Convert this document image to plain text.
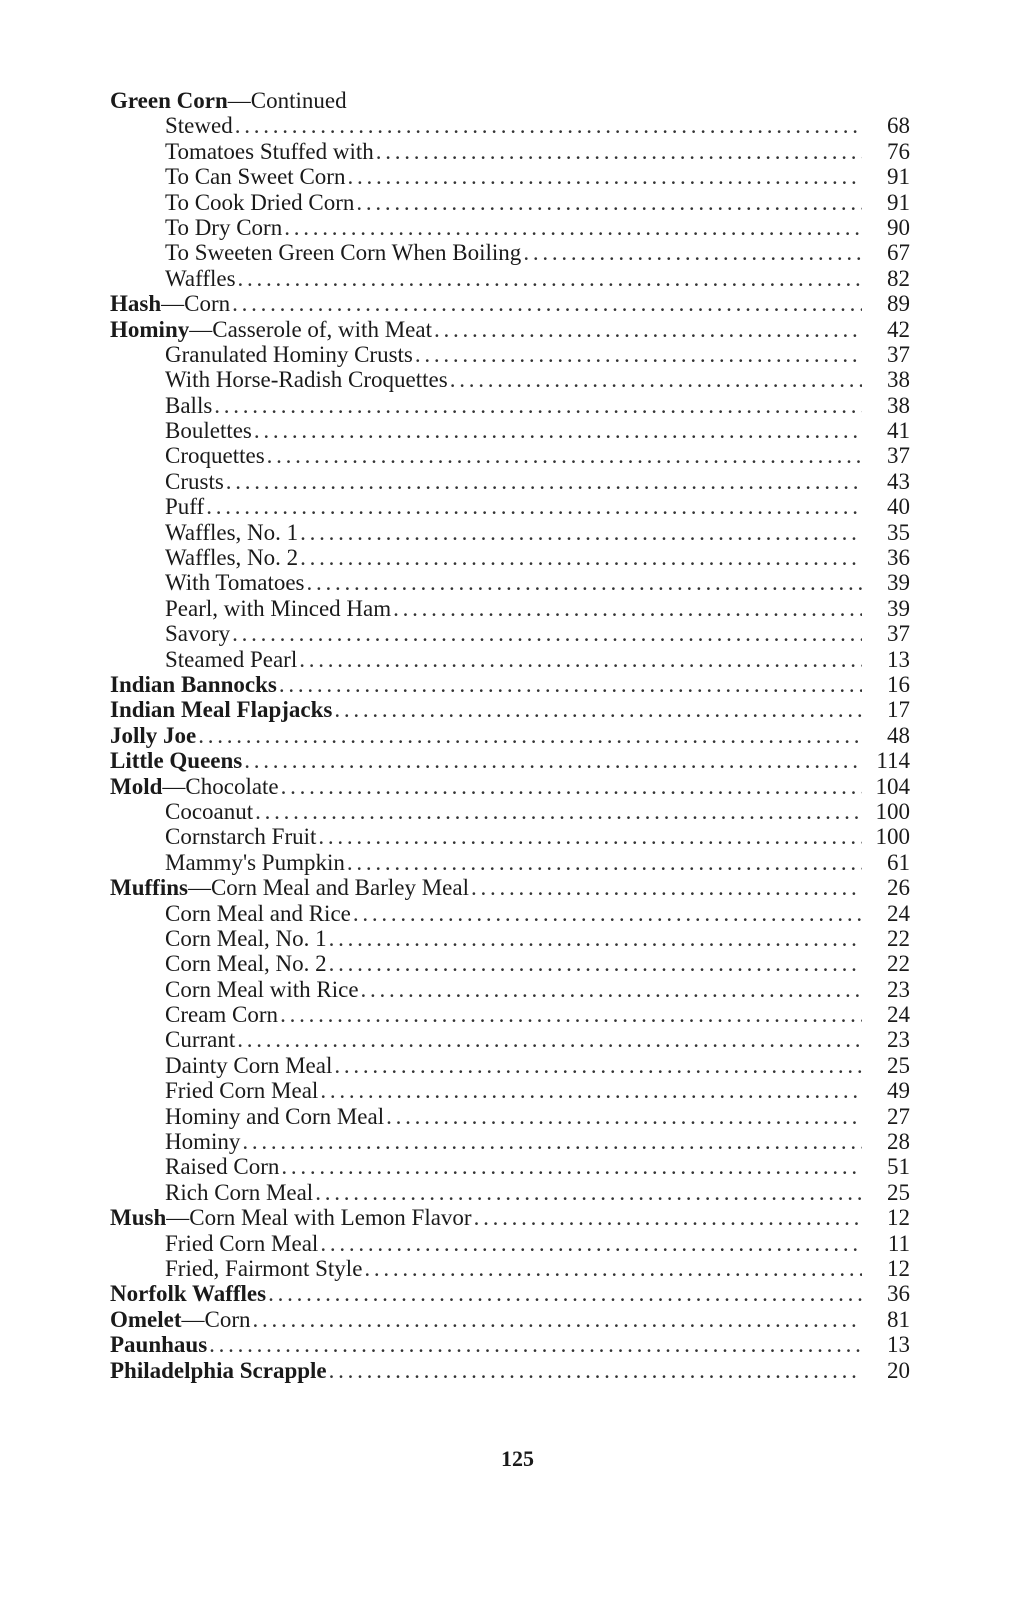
Green Corn—Continued
Stewed . . .	68
Tomatoes Stuffed with . . .	76
To Can Sweet Corn . . .	91
To Cook Dried Corn . . .	91
To Dry Corn . . .	90
To Sweeten Green Corn When Boiling . . .	67
Waffles . . .	82
Hash—Corn . . .	89
Hominy—Casserole of, with Meat . . .	42
Granulated Hominy Crusts . . .	37
With Horse-Radish Croquettes . . .	38
Balls . . .	38
Boulettes . . .	41
Croquettes . . .	37
Crusts . . .	43
Puff . . .	40
Waffles, No. 1 . . .	35
Waffles, No. 2 . . .	36
With Tomatoes . . .	39
Pearl, with Minced Ham . . .	39
Savory . . .	37
Steamed Pearl . . .	13
Indian Bannocks . . .	16
Indian Meal Flapjacks . . .	17
Jolly Joe . . .	48
Little Queens . . .	114
Mold—Chocolate . . .	104
Cocoanut . . .	100
Cornstarch Fruit . . .	100
Mammy's Pumpkin . . .	61
Muffins—Corn Meal and Barley Meal . . .	26
Corn Meal and Rice . . .	24
Corn Meal, No. 1 . . .	22
Corn Meal, No. 2 . . .	22
Corn Meal with Rice . . .	23
Cream Corn . . .	24
Currant . . .	23
Dainty Corn Meal . . .	25
Fried Corn Meal . . .	49
Hominy and Corn Meal . . .	27
Hominy . . .	28
Raised Corn . . .	51
Rich Corn Meal . . .	25
Mush—Corn Meal with Lemon Flavor . . .	12
Fried Corn Meal . . .	11
Fried, Fairmont Style . . .	12
Norfolk Waffles . . .	36
Omelet—Corn . . .	81
Paunhaus . . .	13
Philadelphia Scrapple . . .	20
125
